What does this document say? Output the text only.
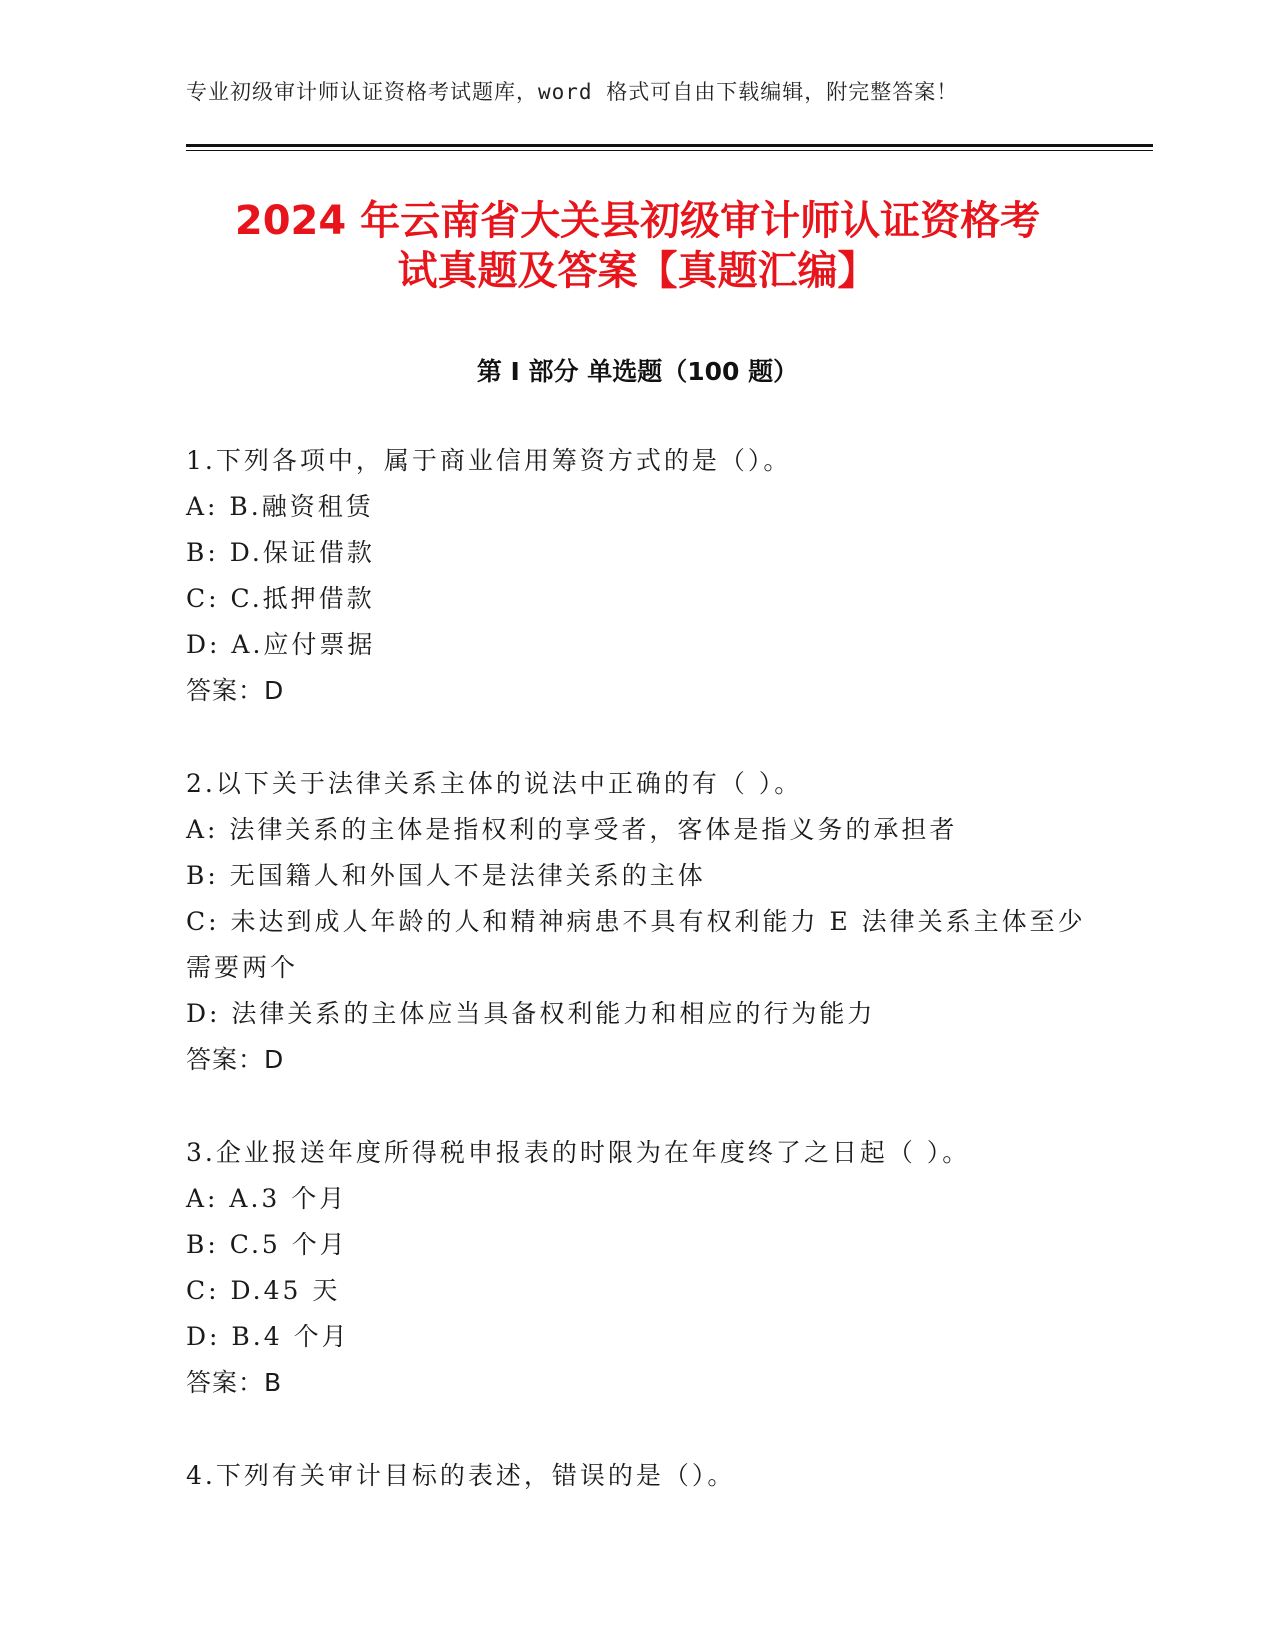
专业初级审计师认证资格考试题库，word 格式可自由下载编辑，附完整答案！
2024 年云南省大关县初级审计师认证资格考
试真题及答案【真题汇编】
第 I 部分 单选题（100 题）

1.下列各项中，属于商业信用筹资方式的是（）。

A: B.融资租赁

B: D.保证借款

C: C.抵押借款

D: A.应付票据

答案：D

2.以下关于法律关系主体的说法中正确的有（ ）。

A: 法律关系的主体是指权利的享受者，客体是指义务的承担者

B: 无国籍人和外国人不是法律关系的主体

C: 未达到成人年龄的人和精神病患不具有权利能力 E 法律关系主体至少需要两个

D: 法律关系的主体应当具备权利能力和相应的行为能力

答案：D

3.企业报送年度所得税申报表的时限为在年度终了之日起（ ）。

A: A.3 个月

B: C.5 个月

C: D.45 天

D: B.4 个月

答案：B

4.下列有关审计目标的表述，错误的是（）。
